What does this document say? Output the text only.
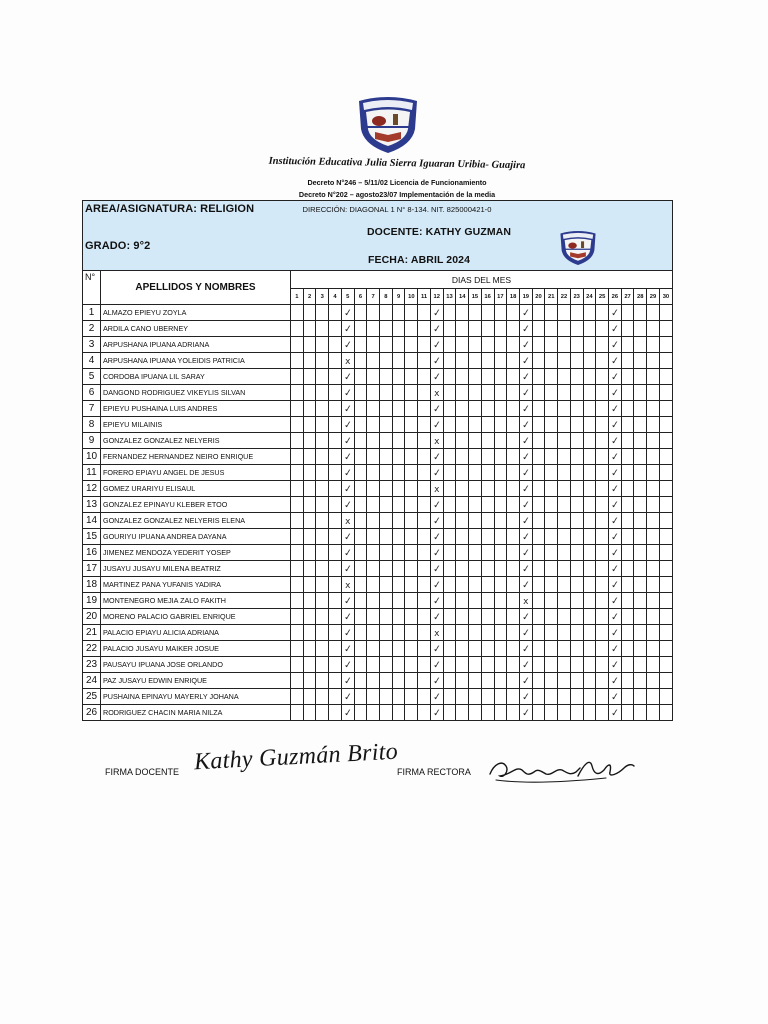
Institución Educativa Julia Sierra Iguaran Uribia- Guajira
Decreto N°246 – 5/11/02 Licencia de Funcionamiento
Decreto N°202 – agosto23/07 Implementación de la media
DIRECCIÓN: DIAGONAL 1 N° 8-134. NIT. 825000421-0
AREA/ASIGNATURA: RELIGION
DOCENTE: KATHY GUZMAN
GRADO: 9°2
FECHA: ABRIL 2024
N°	APELLIDOS Y NOMBRES	DIAS DEL MES																													
		1	2	3	4	5	6	7	8	9	10	11	12	13	14	15	16	17	18	19	20	21	22	23	24	25	26	27	28	29	30
1	ALMAZO EPIEYU ZOYLA					✓							✓							✓							✓				
2	ARDILA CANO UBERNEY					✓							✓							✓							✓				
3	ARPUSHANA IPUANA ADRIANA					✓							✓							✓							✓				
4	ARPUSHANA IPUANA YOLEIDIS PATRICIA					x							✓							✓							✓				
5	CORDOBA IPUANA LIL SARAY					✓							✓							✓							✓				
6	DANGOND RODRIGUEZ VIKEYLIS SILVAN					✓							x							✓							✓				
7	EPIEYU PUSHAINA LUIS ANDRES					✓							✓							✓							✓				
8	EPIEYU MILAINIS					✓							✓							✓							✓				
9	GONZALEZ GONZALEZ NELYERIS					✓							x							✓							✓				
10	FERNANDEZ HERNANDEZ NEIRO ENRIQUE					✓							✓							✓							✓				
11	FORERO EPIAYU ANGEL DE JESUS					✓							✓							✓							✓				
12	GOMEZ URARIYU ELISAUL					✓							x							✓							✓				
13	GONZALEZ EPINAYU KLEBER ETOO					✓							✓							✓							✓				
14	GONZALEZ GONZALEZ NELYERIS ELENA					x							✓							✓							✓				
15	GOURIYU IPUANA ANDREA DAYANA					✓							✓							✓							✓				
16	JIMENEZ MENDOZA YEDERIT YOSEP					✓							✓							✓							✓				
17	JUSAYU JUSAYU MILENA BEATRIZ					✓							✓							✓							✓				
18	MARTINEZ PANA YUFANIS YADIRA					x							✓							✓							✓				
19	MONTENEGRO MEJIA ZALO FAKITH					✓							✓							x							✓				
20	MORENO PALACIO GABRIEL ENRIQUE					✓							✓							✓							✓				
21	PALACIO EPIAYU ALICIA ADRIANA					✓							x							✓							✓				
22	PALACIO JUSAYU MAIKER JOSUE					✓							✓							✓							✓				
23	PAUSAYU IPUANA JOSE ORLANDO					✓							✓							✓							✓				
24	PAZ JUSAYU EDWIN ENRIQUE					✓							✓							✓							✓				
25	PUSHAINA EPINAYU MAYERLY JOHANA					✓							✓							✓							✓				
26	RODRIGUEZ CHACIN MARIA NILZA					✓							✓							✓							✓				
FIRMA DOCENTE Kathy Guzmán Brito
FIRMA RECTORA
